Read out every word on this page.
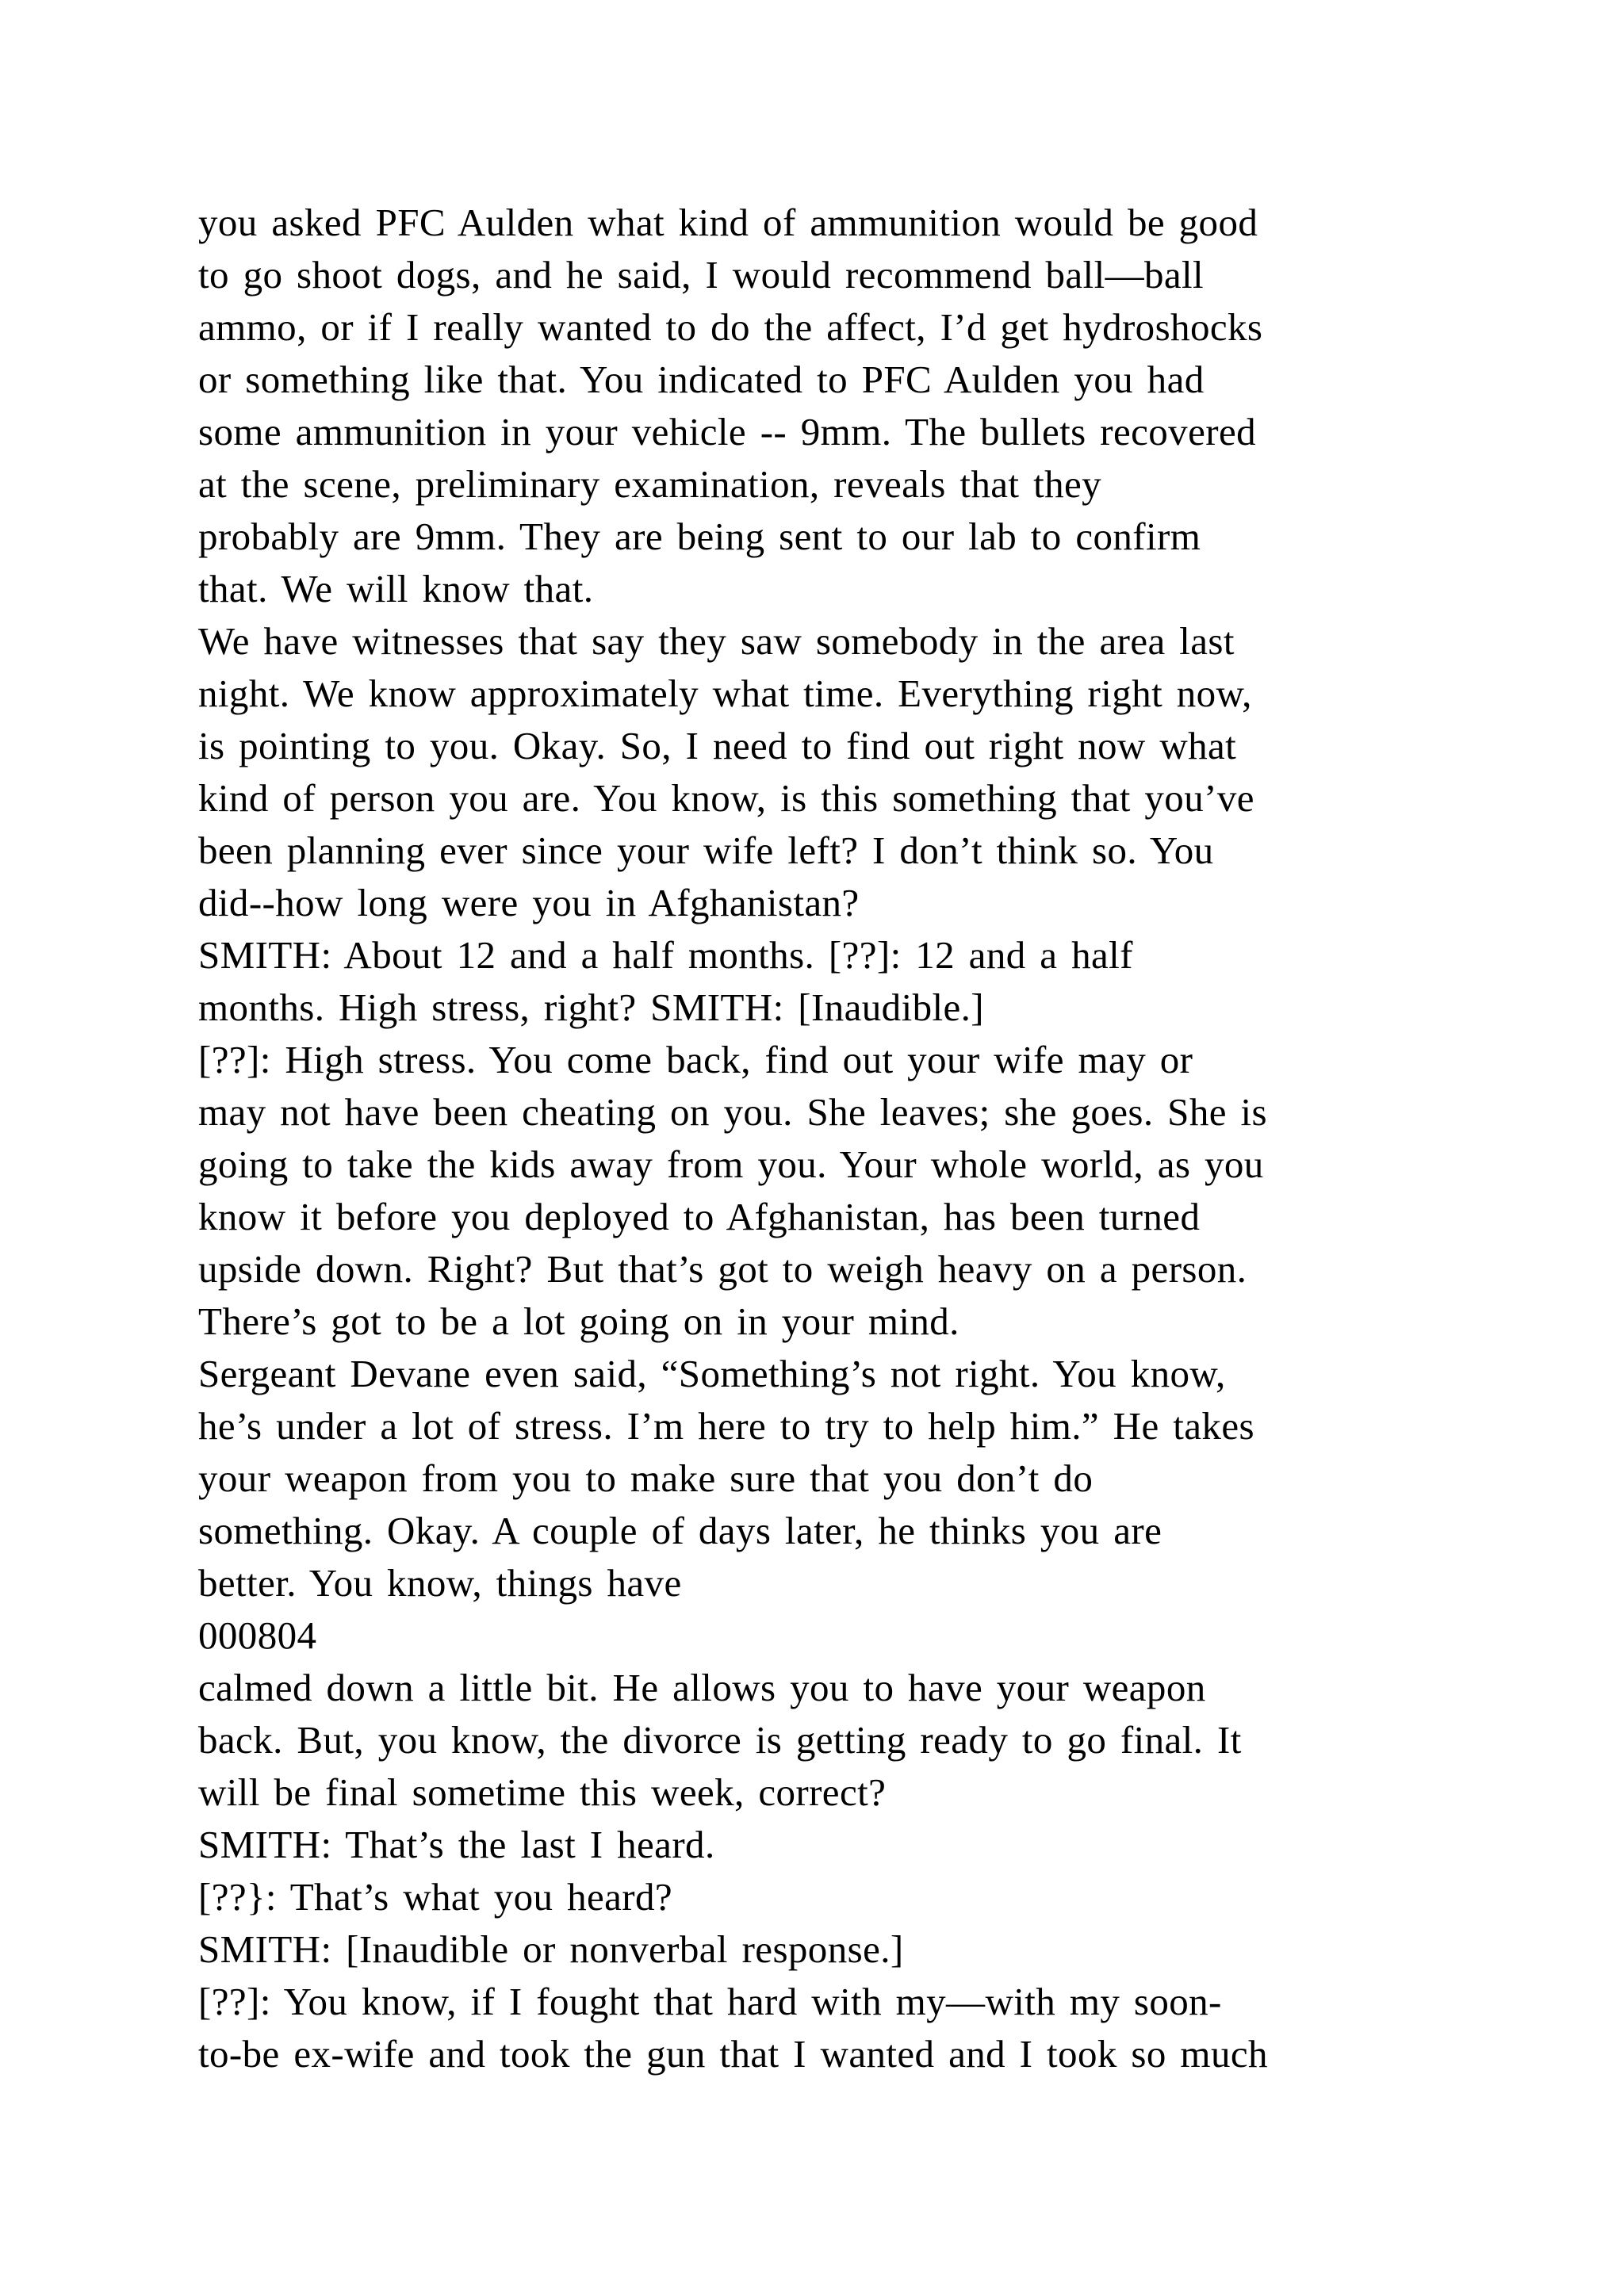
you asked PFC Aulden what kind of ammunition would be good
to go shoot dogs, and he said, I would recommend ball—ball
ammo, or if I really wanted to do the affect, I’d get hydroshocks
or something like that. You indicated to PFC Aulden you had
some ammunition in your vehicle -- 9mm. The bullets recovered
at the scene, preliminary examination, reveals that they
probably are 9mm. They are being sent to our lab to confirm
that. We will know that.
We have witnesses that say they saw somebody in the area last
night. We know approximately what time. Everything right now,
is pointing to you. Okay. So, I need to find out right now what
kind of person you are. You know, is this something that you’ve
been planning ever since your wife left? I don’t think so. You
did--how long were you in Afghanistan?
SMITH: About 12 and a half months. [??]: 12 and a half
months. High stress, right? SMITH: [Inaudible.]
[??]: High stress. You come back, find out your wife may or
may not have been cheating on you. She leaves; she goes. She is
going to take the kids away from you. Your whole world, as you
know it before you deployed to Afghanistan, has been turned
upside down. Right? But that’s got to weigh heavy on a person.
There’s got to be a lot going on in your mind.
Sergeant Devane even said, “Something’s not right. You know,
he’s under a lot of stress. I’m here to try to help him.” He takes
your weapon from you to make sure that you don’t do
something. Okay. A couple of days later, he thinks you are
better. You know, things have
000804
calmed down a little bit. He allows you to have your weapon
back. But, you know, the divorce is getting ready to go final. It
will be final sometime this week, correct?
SMITH: That’s the last I heard.
[??}: That’s what you heard?
SMITH: [Inaudible or nonverbal response.]
[??]: You know, if I fought that hard with my—with my soon-
to-be ex-wife and took the gun that I wanted and I took so much
